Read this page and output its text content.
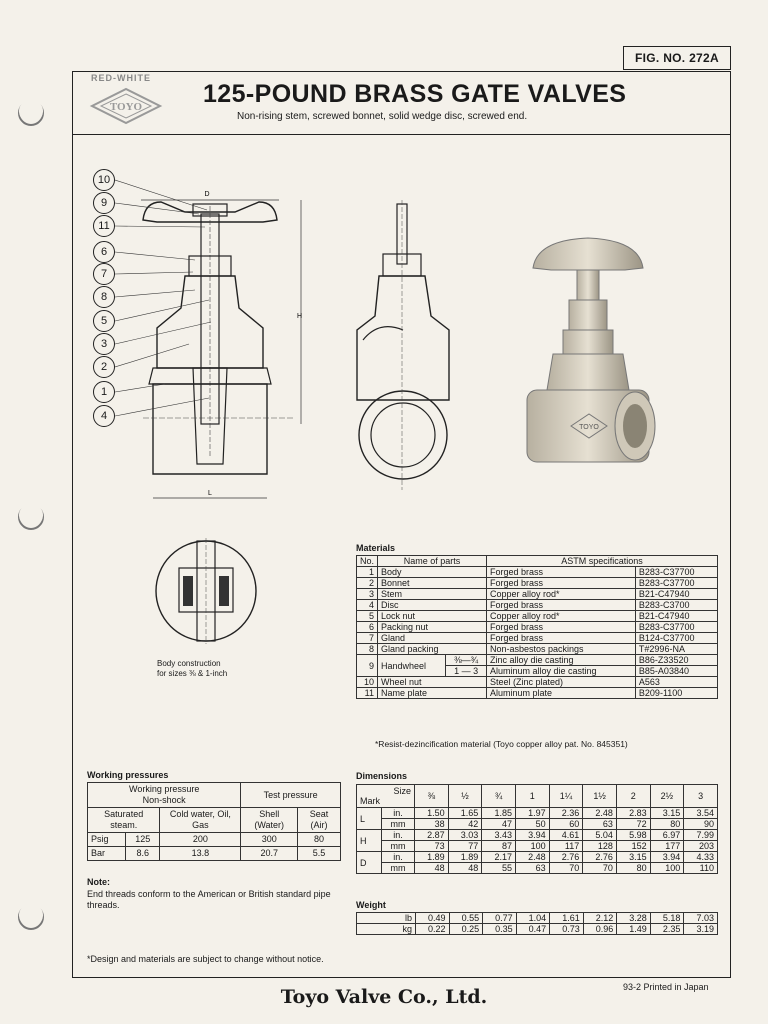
FIG. NO. 272A
RED-WHITE
TOYO 125-POUND BRASS GATE VALVES
Non-rising stem, screwed bonnet, solid wedge disc, screwed end.
D
L
H
10
9
11
6
7
8
5
3
2
1
4
TOYO
Body construction
for sizes ⅜ & 1-inch
Materials
No.	Name of parts		ASTM specifications	
1	Body		Forged brass	B283-C37700
2	Bonnet		Forged brass	B283-C37700
3	Stem		Copper alloy rod*	B21-C47940
4	Disc		Forged brass	B283-C3700
5	Lock nut		Copper alloy rod*	B21-C47940
6	Packing nut		Forged brass	B283-C37700
7	Gland		Forged brass	B124-C37700
8	Gland packing		Non-asbestos packings	T#2996-NA
9	Handwheel	⅜—¾	Zinc alloy die casting	B86-Z33520
		1 — 3	Aluminum alloy die casting	B85-A03840

10	Wheel nut		Steel (Zinc plated)	A563
11	Name plate		Aluminum plate	B209-1100
*Resist-dezincification material (Toyo copper alloy pat. No. 845351)
Working pressures
Working pressure
Non-shock			Test pressure	
Saturated steam.		Cold water, Oil, Gas	Shell (Water)	Seat (Air)
Psig	125	200	300	80
Bar	8.6	13.8	20.7	5.5
Note:
End threads conform to the American or British standard pipe threads.
Dimensions
Size
Mark		⅜	½	¾	1	1¼	1½	2	2½	3
L	in.	1.50	1.65	1.85	1.97	2.36	2.48	2.83	3.15	3.54
	mm	38	42	47	50	60	63	72	80	90
H	in.	2.87	3.03	3.43	3.94	4.61	5.04	5.98	6.97	7.99
	mm	73	77	87	100	117	128	152	177	203
D	in.	1.89	1.89	2.17	2.48	2.76	2.76	3.15	3.94	4.33
	mm	48	48	55	63	70	70	80	100	110
Weight
lb	0.49	0.55	0.77	1.04	1.61	2.12	3.28	5.18	7.03
kg	0.22	0.25	0.35	0.47	0.73	0.96	1.49	2.35	3.19
*Design and materials are subject to change without notice.
93-2 Printed in Japan
Toyo Valve Co., Ltd.
